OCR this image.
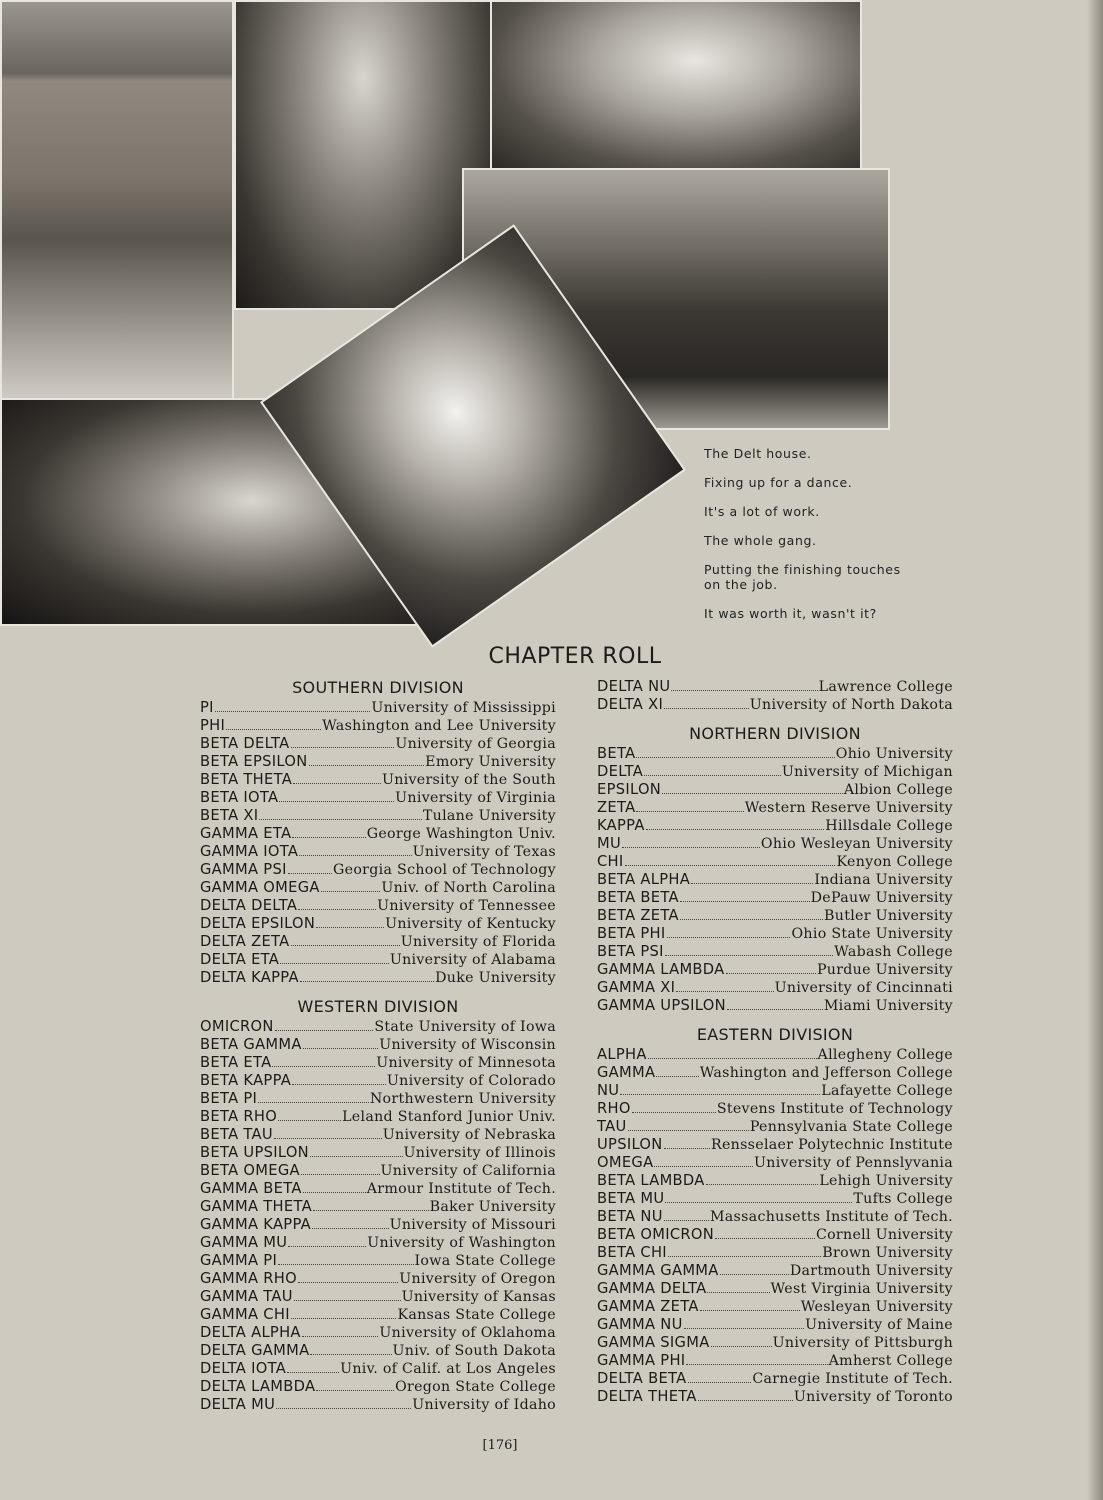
The Delt house.
Fixing up for a dance.
It's a lot of work.
The whole gang.
Putting the finishing touches on the job.
It was worth it, wasn't it?
CHAPTER ROLL
SOUTHERN DIVISION
PI	University of Mississippi
PHI	Washington and Lee University
BETA DELTA	University of Georgia
BETA EPSILON	Emory University
BETA THETA	University of the South
BETA IOTA	University of Virginia
BETA XI	Tulane University
GAMMA ETA	George Washington Univ.
GAMMA IOTA	University of Texas
GAMMA PSI	Georgia School of Technology
GAMMA OMEGA	Univ. of North Carolina
DELTA DELTA	University of Tennessee
DELTA EPSILON	University of Kentucky
DELTA ZETA	University of Florida
DELTA ETA	University of Alabama
DELTA KAPPA	Duke University
WESTERN DIVISION
OMICRON	State University of Iowa
BETA GAMMA	University of Wisconsin
BETA ETA	University of Minnesota
BETA KAPPA	University of Colorado
BETA PI	Northwestern University
BETA RHO	Leland Stanford Junior Univ.
BETA TAU	University of Nebraska
BETA UPSILON	University of Illinois
BETA OMEGA	University of California
GAMMA BETA	Armour Institute of Tech.
GAMMA THETA	Baker University
GAMMA KAPPA	University of Missouri
GAMMA MU	University of Washington
GAMMA PI	Iowa State College
GAMMA RHO	University of Oregon
GAMMA TAU	University of Kansas
GAMMA CHI	Kansas State College
DELTA ALPHA	University of Oklahoma
DELTA GAMMA	Univ. of South Dakota
DELTA IOTA	Univ. of Calif. at Los Angeles
DELTA LAMBDA	Oregon State College
DELTA MU	University of Idaho
DELTA NU	Lawrence College
DELTA XI	University of North Dakota
NORTHERN DIVISION
BETA	Ohio University
DELTA	University of Michigan
EPSILON	Albion College
ZETA	Western Reserve University
KAPPA	Hillsdale College
MU	Ohio Wesleyan University
CHI	Kenyon College
BETA ALPHA	Indiana University
BETA BETA	DePauw University
BETA ZETA	Butler University
BETA PHI	Ohio State University
BETA PSI	Wabash College
GAMMA LAMBDA	Purdue University
GAMMA XI	University of Cincinnati
GAMMA UPSILON	Miami University
EASTERN DIVISION
ALPHA	Allegheny College
GAMMA	Washington and Jefferson College
NU	Lafayette College
RHO	Stevens Institute of Technology
TAU	Pennsylvania State College
UPSILON	Rensselaer Polytechnic Institute
OMEGA	University of Pennslyvania
BETA LAMBDA	Lehigh University
BETA MU	Tufts College
BETA NU	Massachusetts Institute of Tech.
BETA OMICRON	Cornell University
BETA CHI	Brown University
GAMMA GAMMA	Dartmouth University
GAMMA DELTA	West Virginia University
GAMMA ZETA	Wesleyan University
GAMMA NU	University of Maine
GAMMA SIGMA	University of Pittsburgh
GAMMA PHI	Amherst College
DELTA BETA	Carnegie Institute of Tech.
DELTA THETA	University of Toronto
[176]
